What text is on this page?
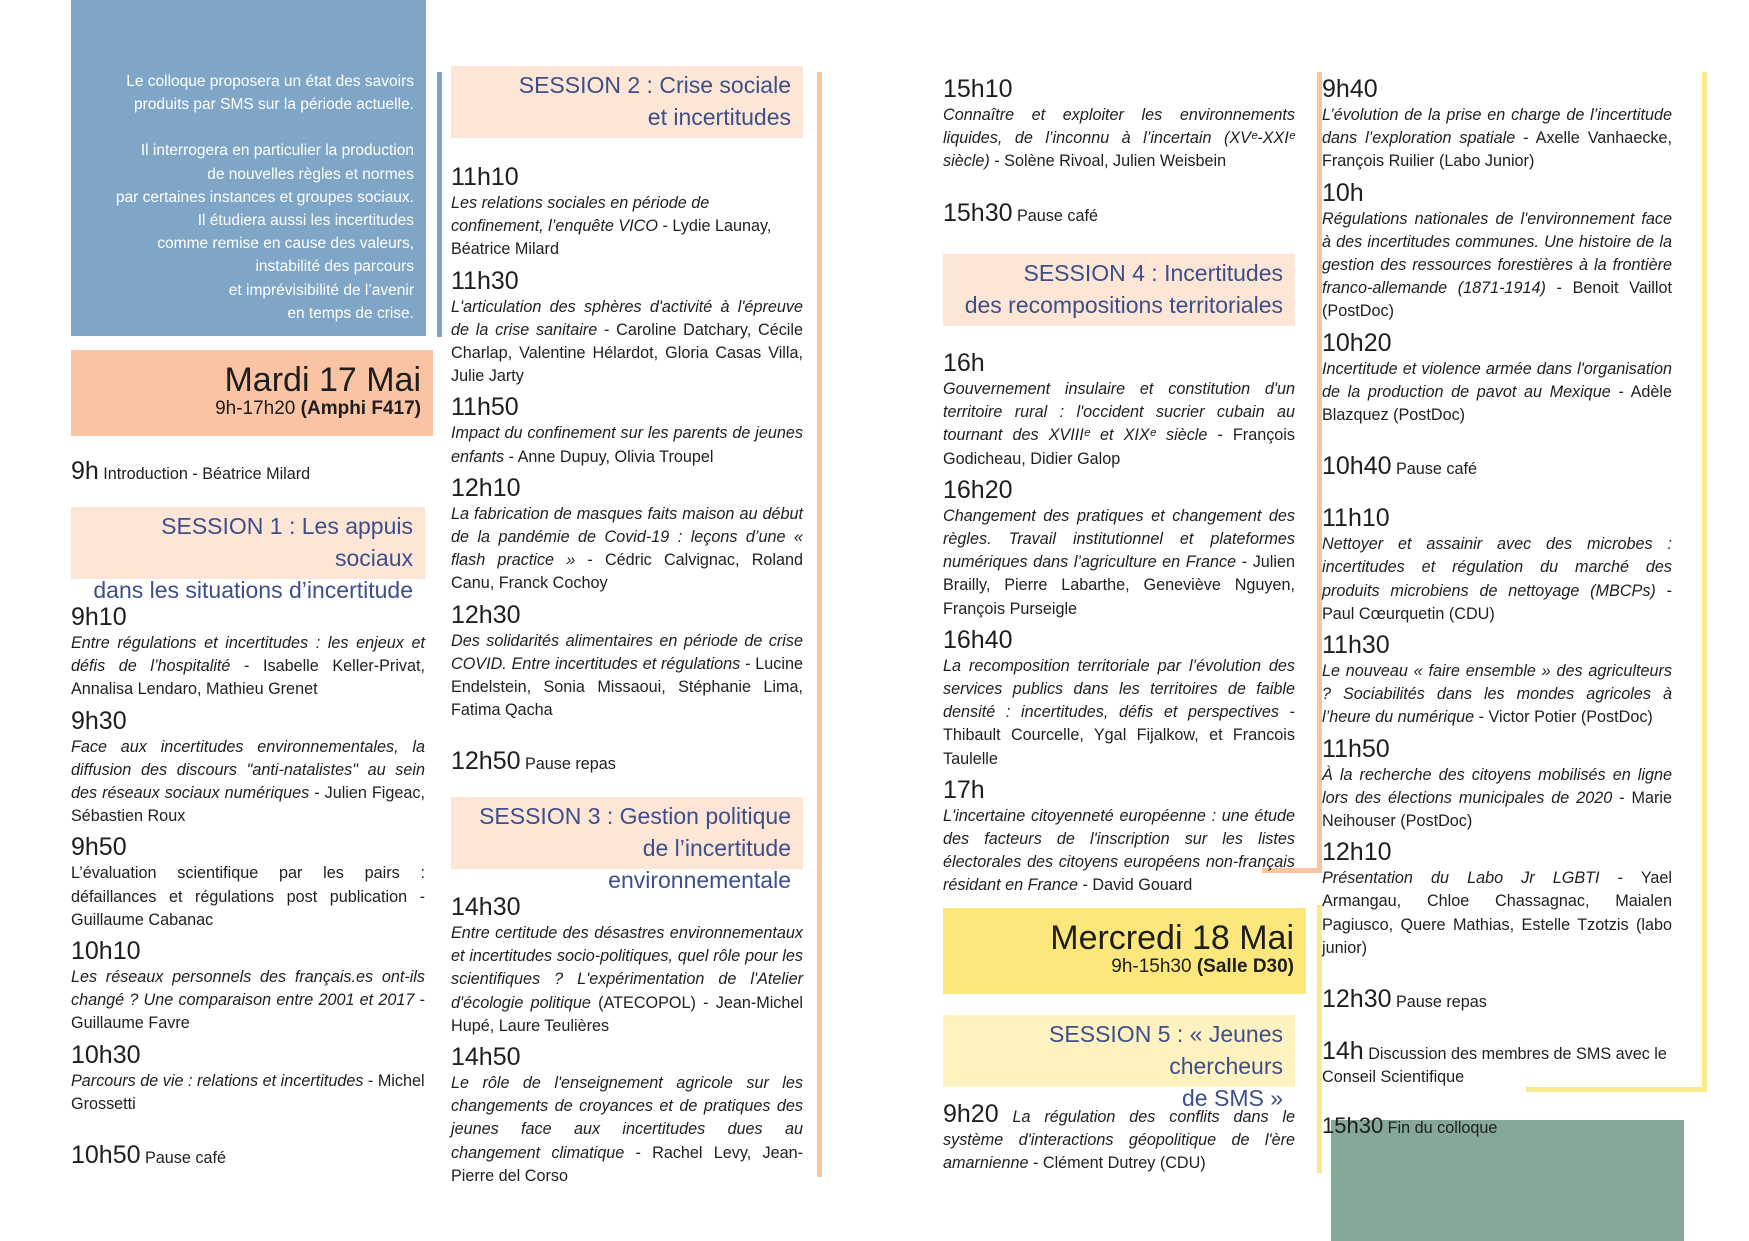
Le colloque proposera un état des savoirs produits par SMS sur la période actuelle.
Il interrogera en particulier la production
de nouvelles règles et normes
par certaines instances et groupes sociaux.
Il étudiera aussi les incertitudes
comme remise en cause des valeurs,
instabilité des parcours
et imprévisibilité de l’avenir
en temps de crise.
Mardi 17 Mai
9h-17h20 (Amphi F417)
9h Introduction - Béatrice Milard
SESSION 1 : Les appuis sociaux
dans les situations d’incertitude
9h10
Entre régulations et incertitudes : les enjeux et défis de l’hospitalité - Isabelle Keller-Privat, Annalisa Lendaro, Mathieu Grenet
9h30
Face aux incertitudes environnementales, la diffusion des discours "anti-natalistes" au sein des réseaux sociaux numériques - Julien Figeac, Sébastien Roux
9h50
L’évaluation scientifique par les pairs : défaillances et régulations post publication - Guillaume Cabanac
10h10
Les réseaux personnels des français.es ont-ils changé ? Une comparaison entre 2001 et 2017 - Guillaume Favre
10h30
Parcours de vie : relations et incertitudes - Michel Grossetti
10h50 Pause café
SESSION 2 : Crise sociale
et incertitudes
11h10
Les relations sociales en période de confinement, l’enquête VICO - Lydie Launay, Béatrice Milard
11h30
L'articulation des sphères d'activité à l'épreuve de la crise sanitaire - Caroline Datchary, Cécile Charlap, Valentine Hélardot, Gloria Casas Villa, Julie Jarty
11h50
Impact du confinement sur les parents de jeunes enfants - Anne Dupuy, Olivia Troupel
12h10
La fabrication de masques faits maison au début de la pandémie de Covid-19 : leçons d’une « flash practice » - Cédric Calvignac, Roland Canu, Franck Cochoy
12h30
Des solidarités alimentaires en période de crise COVID. Entre incertitudes et régulations - Lucine Endelstein, Sonia Missaoui, Stéphanie Lima, Fatima Qacha
12h50 Pause repas
SESSION 3 : Gestion politique
de l’incertitude environnementale
14h30
Entre certitude des désastres environnementaux et incertitudes socio-politiques, quel rôle pour les scientifiques ? L'expérimentation de l'Atelier d'écologie politique (ATECOPOL) - Jean-Michel Hupé, Laure Teulières
14h50
Le rôle de l'enseignement agricole sur les changements de croyances et de pratiques des jeunes face aux incertitudes dues au changement climatique - Rachel Levy, Jean-Pierre del Corso
15h10
Connaître et exploiter les environnements liquides, de l’inconnu à l’incertain (XVᵉ-XXIᵉ siècle) - Solène Rivoal, Julien Weisbein
15h30 Pause café
SESSION 4 : Incertitudes
des recompositions territoriales
16h
Gouvernement insulaire et constitution d'un territoire rural : l'occident sucrier cubain au tournant des XVIIIᵉ et XIXᵉ siècle - François Godicheau, Didier Galop
16h20
Changement des pratiques et changement des règles. Travail institutionnel et plateformes numériques dans l’agriculture en France - Julien Brailly, Pierre Labarthe, Geneviève Nguyen, François Purseigle
16h40
La recomposition territoriale par l’évolution des services publics dans les territoires de faible densité : incertitudes, défis et perspectives - Thibault Courcelle, Ygal Fijalkow, et Francois Taulelle
17h
L'incertaine citoyenneté européenne : une étude des facteurs de l'inscription sur les listes électorales des citoyens européens non-français résidant en France - David Gouard
Mercredi 18 Mai
9h-15h30 (Salle D30)
SESSION 5 : « Jeunes chercheurs
de SMS »
9h20 La régulation des conflits dans le système d'interactions géopolitique de l'ère amarnienne - Clément Dutrey (CDU)
9h40
L’évolution de la prise en charge de l’incertitude dans l’exploration spatiale - Axelle Vanhaecke, François Ruilier (Labo Junior)
10h
Régulations nationales de l'environnement face à des incertitudes communes. Une histoire de la gestion des ressources forestières à la frontière franco-allemande (1871-1914) - Benoit Vaillot (PostDoc)
10h20
Incertitude et violence armée dans l'organisation de la production de pavot au Mexique - Adèle Blazquez (PostDoc)
10h40 Pause café
11h10
Nettoyer et assainir avec des microbes : incertitudes et régulation du marché des produits microbiens de nettoyage (MBCPs) - Paul Cœurquetin (CDU)
11h30
Le nouveau « faire ensemble » des agriculteurs ? Sociabilités dans les mondes agricoles à l’heure du numérique - Victor Potier (PostDoc)
11h50
À la recherche des citoyens mobilisés en ligne lors des élections municipales de 2020 - Marie Neihouser (PostDoc)
12h10
Présentation du Labo Jr LGBTI - Yael Armangau, Chloe Chassagnac, Maialen Pagiusco, Quere Mathias, Estelle Tzotzis (labo junior)
12h30 Pause repas
14h Discussion des membres de SMS avec le Conseil Scientifique
15h30 Fin du colloque
